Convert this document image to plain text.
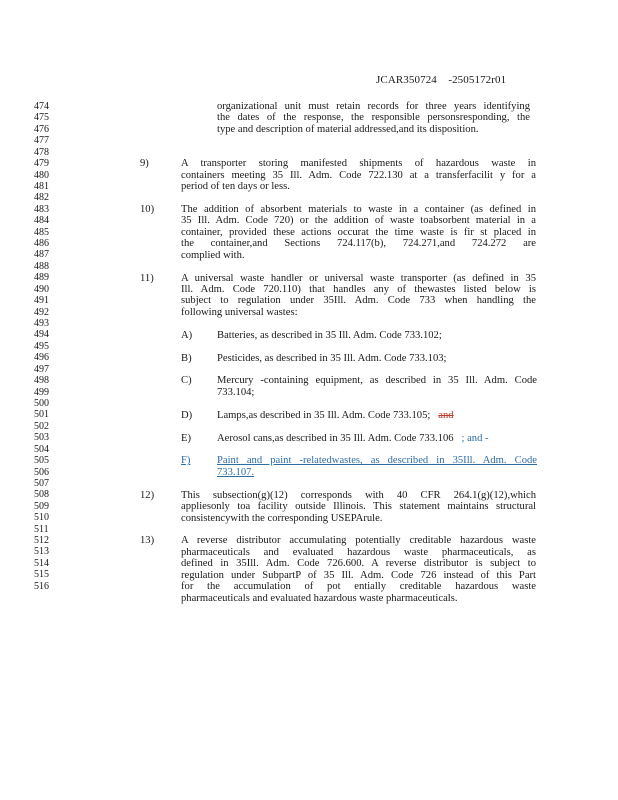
JCAR350724 -2505172r01
474
475
476
477
478
479
480
481
482
483
484
485
486
487
488
489
490
491
492
493
494
495
496
497
498
499
500
501
502
503
504
505
506
507
508
509
510
511
512
513
514
515
516
organizational unit must retain records for three years identifying
the dates of the response, the responsible personsresponding, the
type and description of material addressed,and its disposition.
9)	A transporter storing manifested shipments of hazardous waste in
containers meeting 35 Ill. Adm. Code 722.130 at a transferfacilit y for a
period of ten days or less.
10)	The addition of absorbent materials to waste in a container (as defined in
35 Ill. Adm. Code 720) or the addition of waste toabsorbent material in a
container, provided these actions occurat the time waste is fir st placed in
the container,and Sections 724.117(b), 724.271,and 724.272 are
complied with.
11)	A universal waste handler or universal waste transporter (as defined in 35
Ill. Adm. Code 720.110) that handles any of thewastes listed below is
subject to regulation under 35Ill. Adm. Code 733 when handling the
following universal wastes:
A)	Batteries, as described in 35 Ill. Adm. Code 733.102;
B)	Pesticides, as described in 35 Ill. Adm. Code 733.103;
C)	Mercury -containing equipment, as described in 35 Ill. Adm. Code
733.104;
D)	Lamps,as described in 35 Ill. Adm. Code 733.105; and
E)	Aerosol cans,as described in 35 Ill. Adm. Code 733.106 ; and -
F)	Paint and paint -relatedwastes, as described in 35Ill. Adm. Code
733.107.
12)	This subsection(g)(12) corresponds with 40 CFR 264.1(g)(12),which
appliesonly toa facility outside Illinois. This statement maintains structural
consistencywith the corresponding USEPArule.
13)	A reverse distributor accumulating potentially creditable hazardous waste
pharmaceuticals and evaluated hazardous waste pharmaceuticals, as
defined in 35Ill. Adm. Code 726.600. A reverse distributor is subject to
regulation under SubpartP of 35 Ill. Adm. Code 726 instead of this Part
for the accumulation of pot entially creditable hazardous waste
pharmaceuticals and evaluated hazardous waste pharmaceuticals.
